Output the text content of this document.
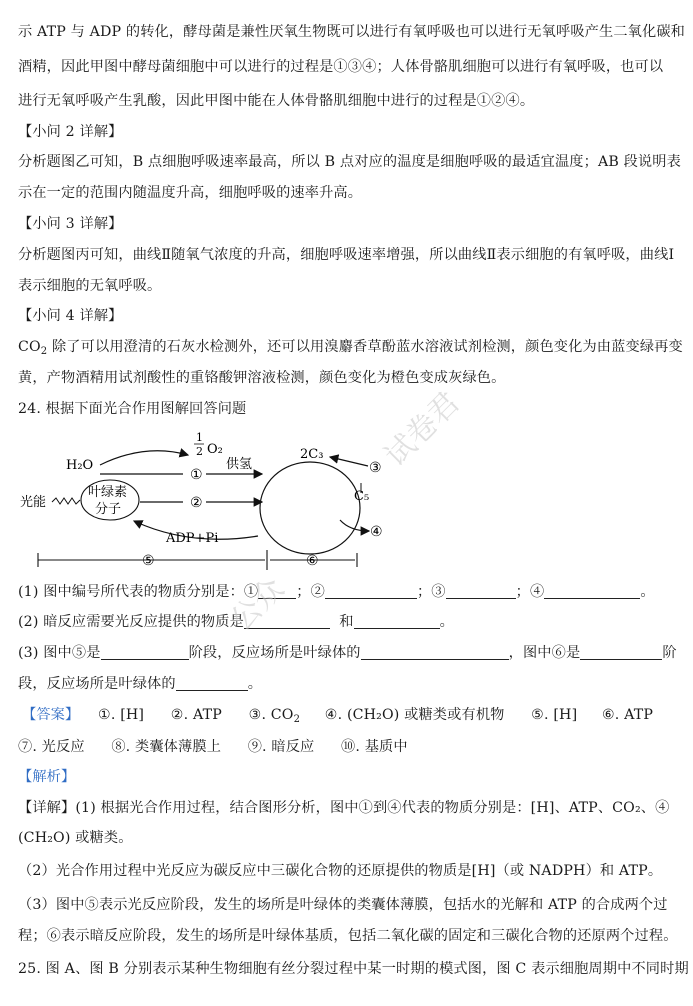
示 ATP 与 ADP 的转化，酵母菌是兼性厌氧生物既可以进行有氧呼吸也可以进行无氧呼吸产生二氧化碳和
酒精，因此甲图中酵母菌细胞中可以进行的过程是①③④；人体骨骼肌细胞可以进行有氧呼吸，也可以
进行无氧呼吸产生乳酸，因此甲图中能在人体骨骼肌细胞中进行的过程是①②④。
【小问 2 详解】
分析题图乙可知，B 点细胞呼吸速率最高，所以 B 点对应的温度是细胞呼吸的最适宜温度；AB 段说明表
示在一定的范围内随温度升高，细胞呼吸的速率升高。
【小问 3 详解】
分析题图丙可知，曲线Ⅱ随氧气浓度的升高，细胞呼吸速率增强，所以曲线Ⅱ表示细胞的有氧呼吸，曲线Ⅰ
表示细胞的无氧呼吸。
【小问 4 详解】
$CO_2$ 除了可以用澄清的石灰水检测外，还可以用溴麝香草酚蓝水溶液试剂检测，颜色变化为由蓝变绿再变
黄，产物酒精用试剂酸性的重铬酸钾溶液检测，颜色变化为橙色变成灰绿色。
24. 根据下面光合作用图解回答问题
H₂O
1
2 O₂
①
供氢
光能
叶绿素
分子	②
ADP+Pi
2C₃
③
C₅
④
⑤	⑥
(1) 图中编号所代表的物质分别是：①	；②	；③	；④	。
(2) 暗反应需要光反应提供的物质是	和	。
(3) 图中⑤是	阶段，反应场所是叶绿体的	，图中⑥是	阶
段，反应场所是叶绿体的	。
【答案】 ①. [H] ②. ATP ③. $CO_2$ ④. (CH₂O) 或糖类或有机物 ⑤. [H] ⑥. ATP
⑦. 光反应 ⑧. 类囊体薄膜上 ⑨. 暗反应 ⑩. 基质中
【解析】
【详解】(1) 根据光合作用过程，结合图形分析，图中①到④代表的物质分别是：[H]、ATP、CO₂、④
(CH₂O) 或糖类。
（2）光合作用过程中光反应为碳反应中三碳化合物的还原提供的物质是[H]（或 NADPH）和 ATP。
（3）图中⑤表示光反应阶段，发生的场所是叶绿体的类囊体薄膜，包括水的光解和 ATP 的合成两个过
程；⑥表示暗反应阶段，发生的场所是叶绿体基质，包括二氧化碳的固定和三碳化合物的还原两个过程。
25. 图 A、图 B 分别表示某种生物细胞有丝分裂过程中某一时期的模式图，图 C 表示细胞周期中不同时期
试卷君
公众
